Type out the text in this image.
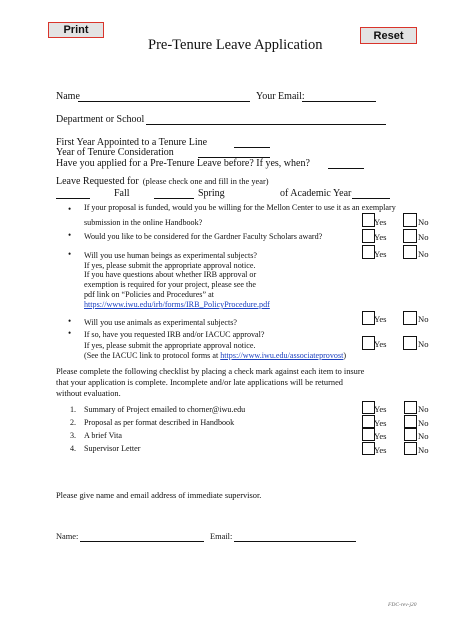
Print	Reset
Pre-Tenure Leave Application
Name	Your Email:
Department or School
First Year Appointed to a Tenure Line
Year of Tenure Consideration
Have you applied for a Pre-Tenure Leave before? If yes, when?
Leave Requested for (please check one and fill in the year)
Fall	Spring	of Academic Year
• If your proposal is funded, would you be willing for the Mellon Center to use it as an exemplary
submission in the online Handbook?	Yes	No
• Would you like to be considered for the Gardner Faculty Scholars award?	Yes	No
• Will you use human beings as experimental subjects?
If yes, please submit the appropriate approval notice.
If you have questions about whether IRB approval or
exemption is required for your project, please see the
pdf link on “Policies and Procedures” at
https://www.iwu.edu/irb/forms/IRB_PolicyProcedure.pdf
Yes	No
• Will you use animals as experimental subjects?	Yes	No
• If so, have you requested IRB and/or IACUC approval?
If yes, please submit the appropriate approval notice.
(See the IACUC link to protocol forms at https://www.iwu.edu/associateprovost)
Yes	No
Please complete the following checklist by placing a check mark against each item to insure
that your application is complete. Incomplete and/or late applications will be returned
without evaluation.
1. Summary of Project emailed to chorner@iwu.edu	Yes	No
2. Proposal as per format described in Handbook	Yes	No
3. A brief Vita	Yes	No
4. Supervisor Letter	Yes	No
Please give name and email address of immediate supervisor.
Name:	Email:
FDC-rev-j20
